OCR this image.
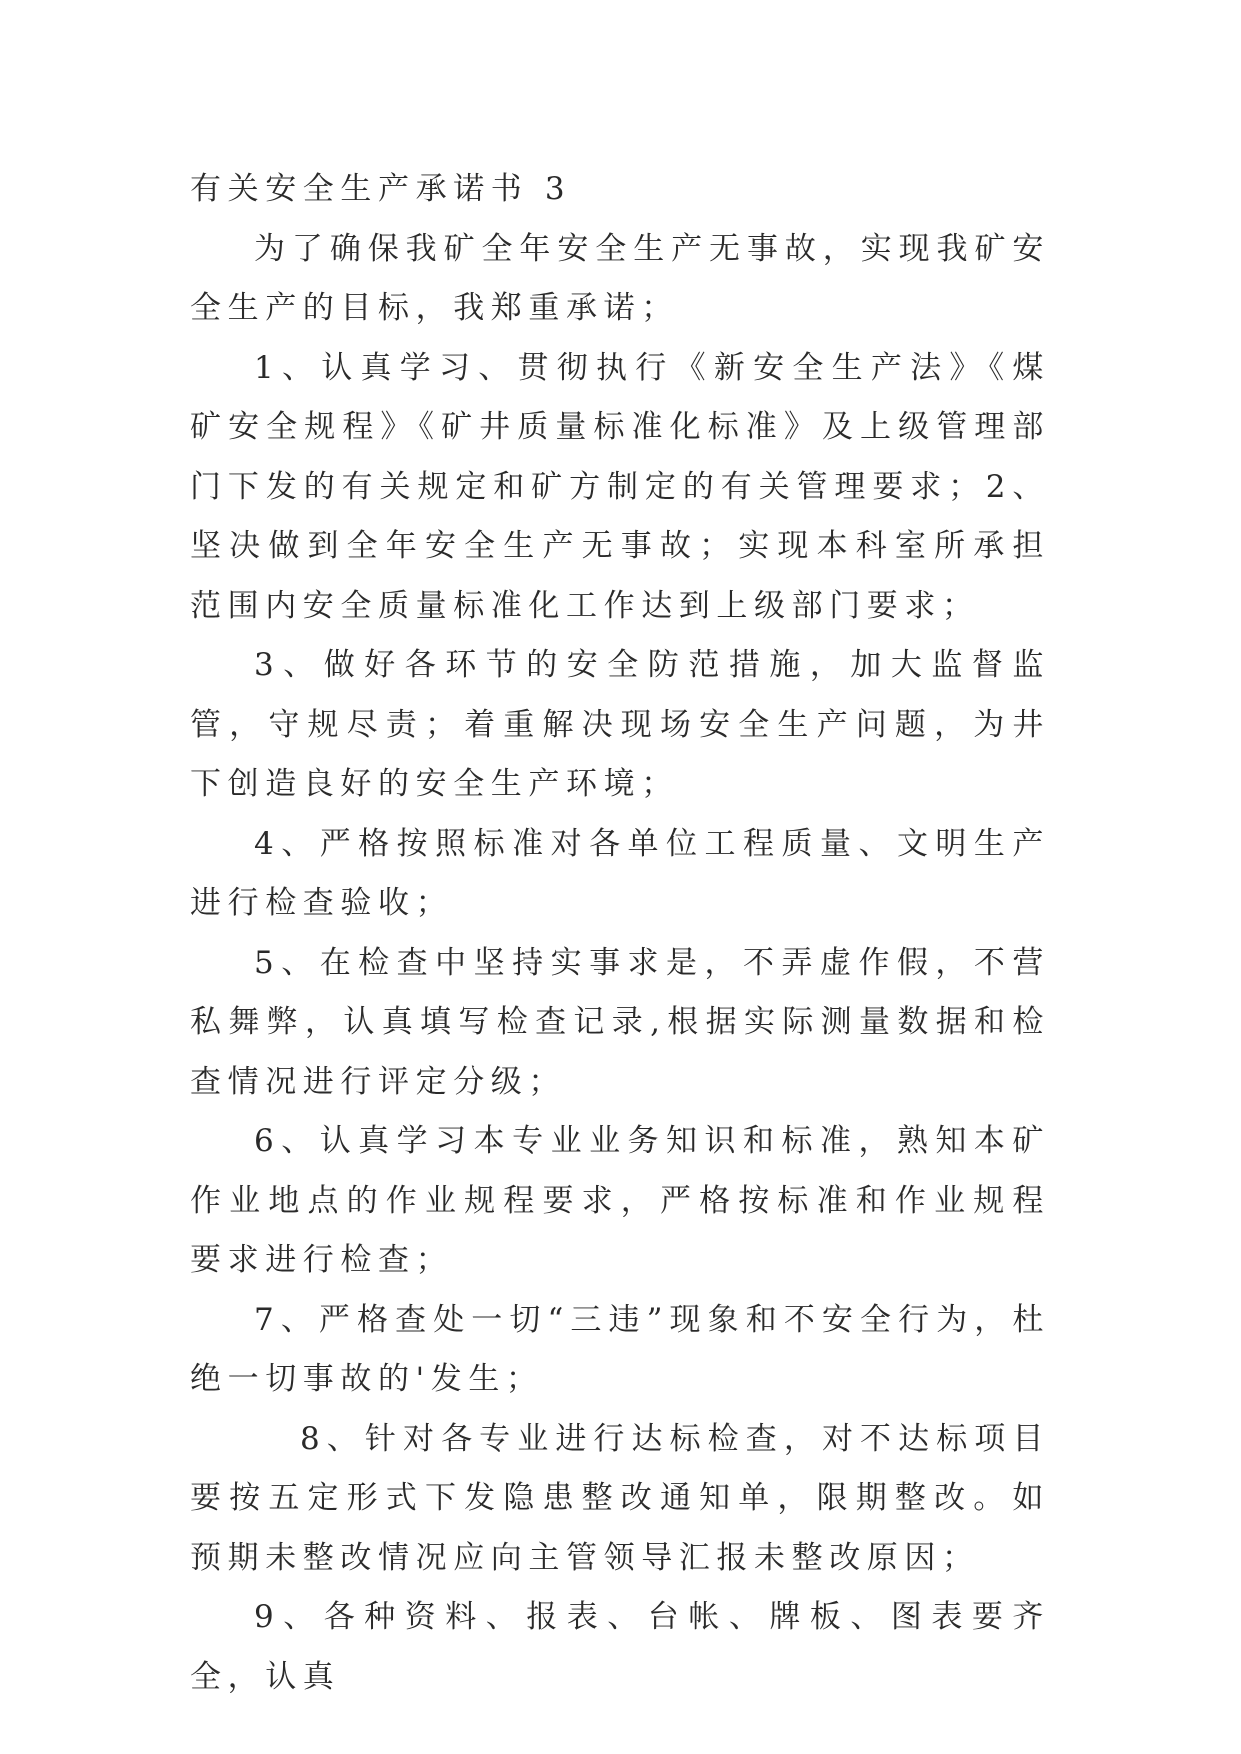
有关安全生产承诺书 3

为了确保我矿全年安全生产无事故，实现我矿安全生产的目标，我郑重承诺；

1、认真学习、贯彻执行《新安全生产法》《煤矿安全规程》《矿井质量标准化标准》及上级管理部门下发的有关规定和矿方制定的有关管理要求；2、坚决做到全年安全生产无事故；实现本科室所承担范围内安全质量标准化工作达到上级部门要求；

3、做好各环节的安全防范措施，加大监督监管，守规尽责；着重解决现场安全生产问题，为井下创造良好的安全生产环境；

4、严格按照标准对各单位工程质量、文明生产进行检查验收；

5、在检查中坚持实事求是，不弄虚作假，不营私舞弊，认真填写检查记录,根据实际测量数据和检查情况进行评定分级；

6、认真学习本专业业务知识和标准，熟知本矿作业地点的作业规程要求，严格按标准和作业规程要求进行检查；

7、严格查处一切“三违”现象和不安全行为，杜绝一切事故的'发生；

8、针对各专业进行达标检查，对不达标项目要按五定形式下发隐患整改通知单，限期整改。如预期未整改情况应向主管领导汇报未整改原因；

9、各种资料、报表、台帐、牌板、图表要齐全，认真
